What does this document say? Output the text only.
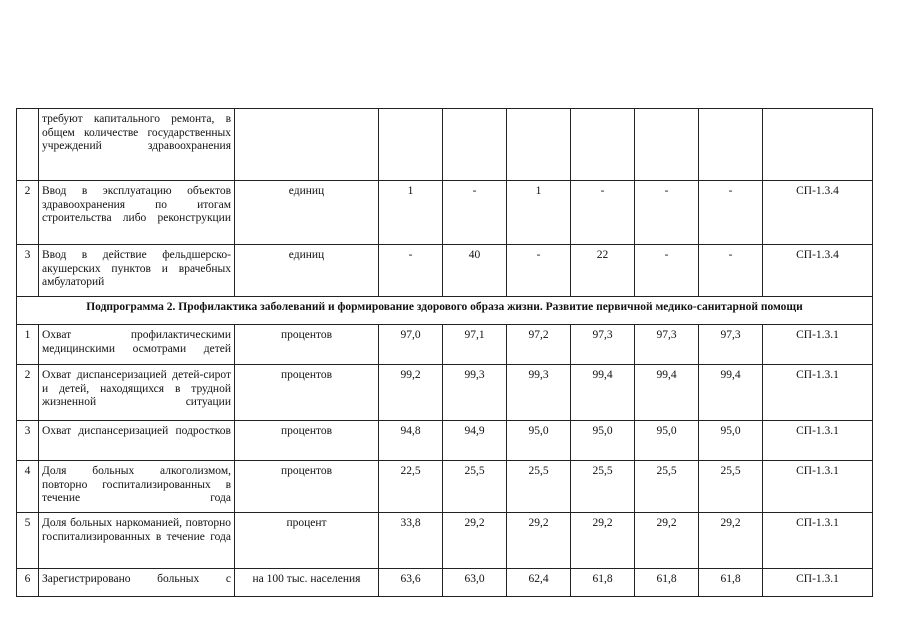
	требуют капитального ремонта, в общем количестве государственных учреждений здравоохранения								
2	Ввод в эксплуатацию объектов здравоохранения по итогам строительства либо реконструкции	единиц	1	-	1	-	-	-	СП-1.3.4
3	Ввод в действие фельдшерско-акушерских пунктов и врачебных амбулаторий	единиц	-	40	-	22	-	-	СП-1.3.4
Подпрограмма 2. Профилактика заболеваний и формирование здорового образа жизни. Развитие первичной медико-санитарной помощи									
1	Охват профилактическими медицинскими осмотрами детей	процентов	97,0	97,1	97,2	97,3	97,3	97,3	СП-1.3.1
2	Охват диспансеризацией детей-сирот и детей, находящихся в трудной жизненной ситуации	процентов	99,2	99,3	99,3	99,4	99,4	99,4	СП-1.3.1
3	Охват диспансеризацией подростков	процентов	94,8	94,9	95,0	95,0	95,0	95,0	СП-1.3.1
4	Доля больных алкоголизмом, повторно госпитализированных в течение года	процентов	22,5	25,5	25,5	25,5	25,5	25,5	СП-1.3.1
5	Доля больных наркоманией, повторно госпитализированных в течение года	процент	33,8	29,2	29,2	29,2	29,2	29,2	СП-1.3.1
6	Зарегистрировано больных с	на 100 тыс. населения	63,6	63,0	62,4	61,8	61,8	61,8	СП-1.3.1
